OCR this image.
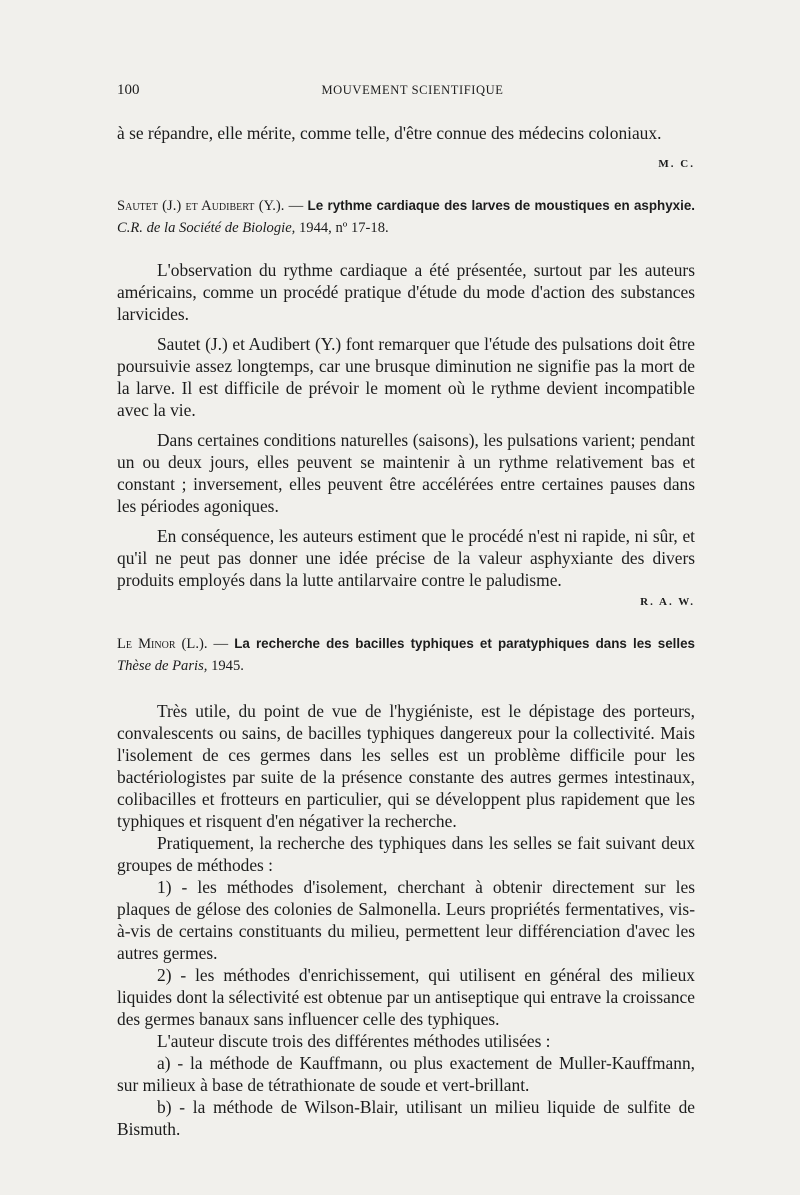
100	MOUVEMENT SCIENTIFIQUE

à se répandre, elle mérite, comme telle, d'être connue des médecins coloniaux.

M. C.

Sautet (J.) et Audibert (Y.). — Le rythme cardiaque des larves de moustiques en asphyxie. C.R. de la Société de Biologie, 1944, nº 17-18.

L'observation du rythme cardiaque a été présentée, surtout par les auteurs américains, comme un procédé pratique d'étude du mode d'action des substances larvicides.

Sautet (J.) et Audibert (Y.) font remarquer que l'étude des pulsations doit être poursuivie assez longtemps, car une brusque diminution ne signifie pas la mort de la larve. Il est difficile de prévoir le moment où le rythme devient incompatible avec la vie.

Dans certaines conditions naturelles (saisons), les pulsations varient; pendant un ou deux jours, elles peuvent se maintenir à un rythme relativement bas et constant ; inversement, elles peuvent être accélérées entre certaines pauses dans les périodes agoniques.

En conséquence, les auteurs estiment que le procédé n'est ni rapide, ni sûr, et qu'il ne peut pas donner une idée précise de la valeur asphyxiante des divers produits employés dans la lutte antilarvaire contre le paludisme.

R. A. W.

Le Minor (L.). — La recherche des bacilles typhiques et paratyphiques dans les selles Thèse de Paris, 1945.

Très utile, du point de vue de l'hygiéniste, est le dépistage des porteurs, convalescents ou sains, de bacilles typhiques dangereux pour la collectivité. Mais l'isolement de ces germes dans les selles est un problème difficile pour les bactériologistes par suite de la présence constante des autres germes intestinaux, colibacilles et frotteurs en particulier, qui se développent plus rapidement que les typhiques et risquent d'en négativer la recherche.

Pratiquement, la recherche des typhiques dans les selles se fait suivant deux groupes de méthodes :

1) - les méthodes d'isolement, cherchant à obtenir directement sur les plaques de gélose des colonies de Salmonella. Leurs propriétés fermentatives, vis-à-vis de certains constituants du milieu, permettent leur différenciation d'avec les autres germes.

2) - les méthodes d'enrichissement, qui utilisent en général des milieux liquides dont la sélectivité est obtenue par un antiseptique qui entrave la croissance des germes banaux sans influencer celle des typhiques.

L'auteur discute trois des différentes méthodes utilisées :

a) - la méthode de Kauffmann, ou plus exactement de Muller-Kauffmann, sur milieux à base de tétrathionate de soude et vert-brillant.

b) - la méthode de Wilson-Blair, utilisant un milieu liquide de sulfite de Bismuth.
